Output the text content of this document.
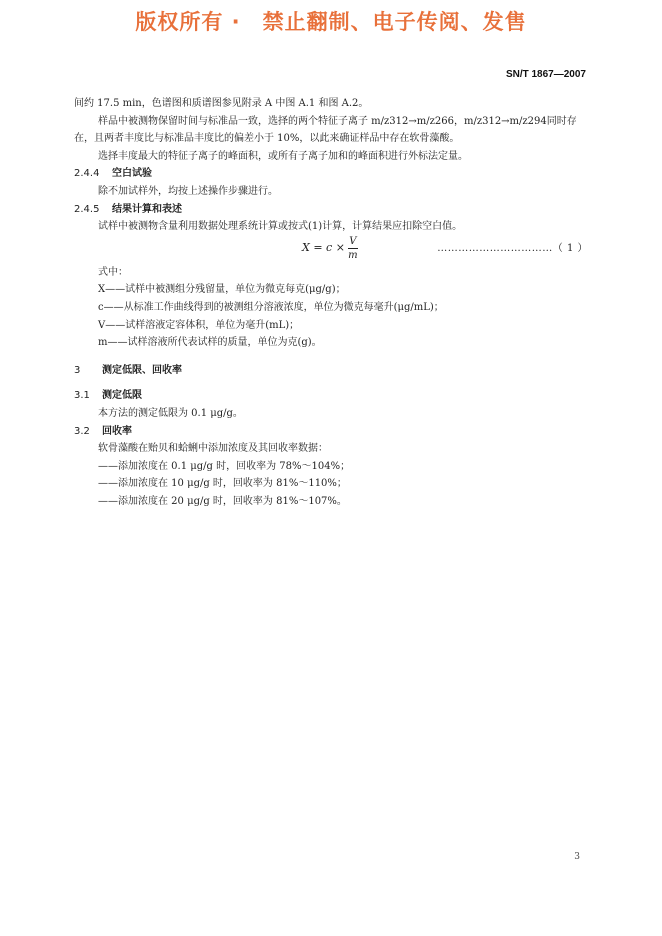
版权所有 ·　禁止翻制、电子传阅、发售
SN/T 1867—2007

间约 17.5 min，色谱图和质谱图参见附录 A 中图 A.1 和图 A.2。

样品中被测物保留时间与标准品一致，选择的两个特征子离子 m/z312→m/z266，m/z312→m/z294同时存在，且两者丰度比与标准品丰度比的偏差小于 10%，以此来确证样品中存在软骨藻酸。

选择丰度最大的特征子离子的峰面积，或所有子离子加和的峰面积进行外标法定量。

2.4.4 空白试验

除不加试样外，均按上述操作步骤进行。

2.4.5 结果计算和表述

试样中被测物含量利用数据处理系统计算或按式(1)计算，计算结果应扣除空白值。

$X = c \times \frac{V}{m}$	……………………………（ 1 ）

式中：

X——试样中被测组分残留量，单位为微克每克(μg/g)；

c——从标准工作曲线得到的被测组分溶液浓度，单位为微克每毫升(μg/mL)；

V——试样溶液定容体积，单位为毫升(mL)；

m——试样溶液所代表试样的质量，单位为克(g)。

3 测定低限、回收率

3.1 测定低限

本方法的测定低限为 0.1 μg/g。

3.2 回收率

软骨藻酸在贻贝和蛤蜊中添加浓度及其回收率数据：

——添加浓度在 0.1 μg/g 时，回收率为 78%～104%；

——添加浓度在 10 μg/g 时，回收率为 81%～110%；

——添加浓度在 20 μg/g 时，回收率为 81%～107%。

3
